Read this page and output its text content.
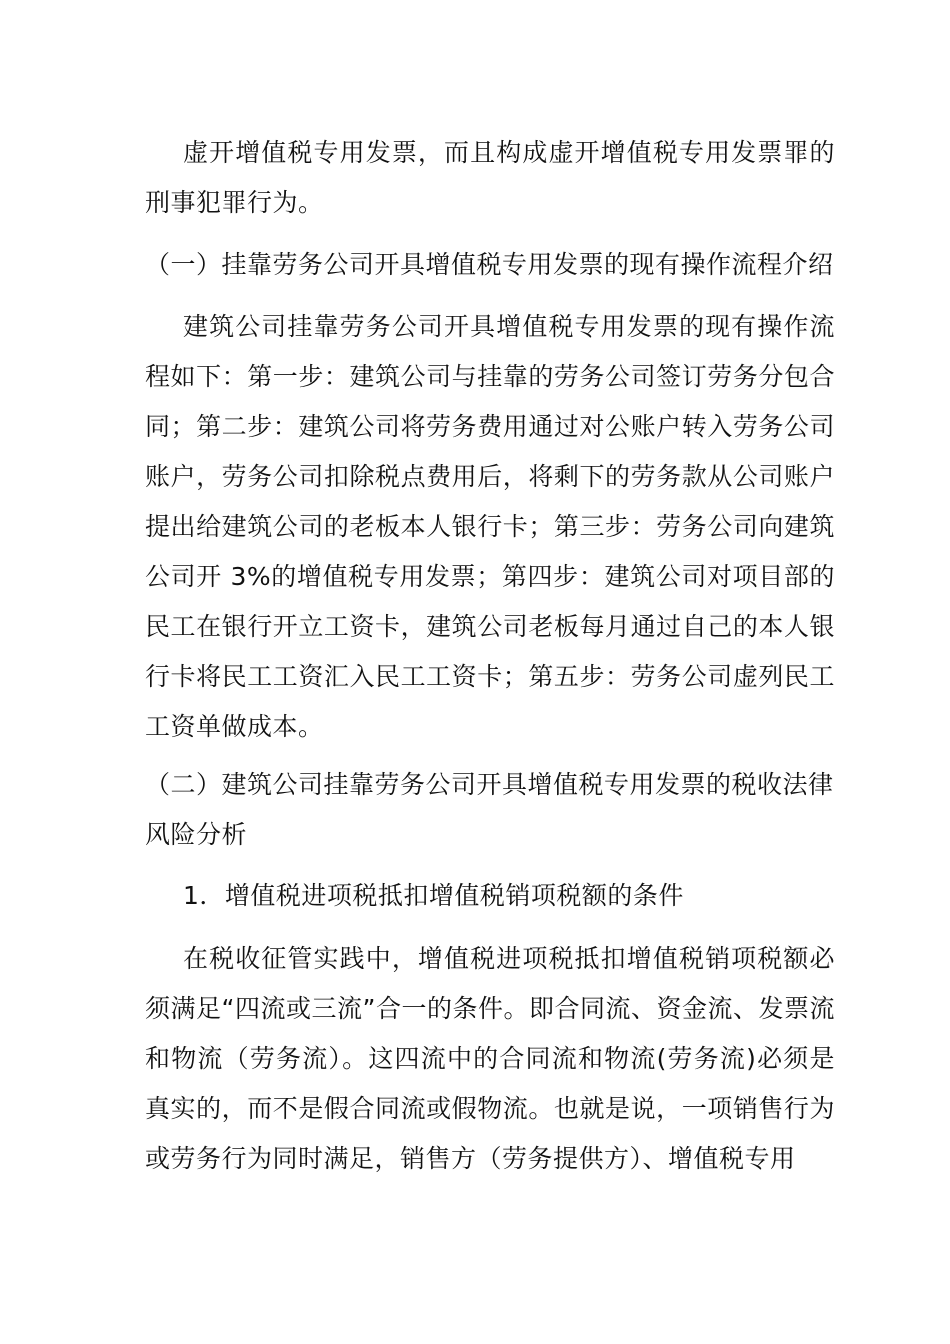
虚开增值税专用发票，而且构成虚开增值税专用发票罪的刑事犯罪行为。

（一）挂靠劳务公司开具增值税专用发票的现有操作流程介绍

建筑公司挂靠劳务公司开具增值税专用发票的现有操作流程如下：第一步：建筑公司与挂靠的劳务公司签订劳务分包合同；第二步：建筑公司将劳务费用通过对公账户转入劳务公司账户，劳务公司扣除税点费用后，将剩下的劳务款从公司账户提出给建筑公司的老板本人银行卡；第三步：劳务公司向建筑公司开 3%的增值税专用发票；第四步：建筑公司对项目部的民工在银行开立工资卡，建筑公司老板每月通过自己的本人银行卡将民工工资汇入民工工资卡；第五步：劳务公司虚列民工工资单做成本。

（二）建筑公司挂靠劳务公司开具增值税专用发票的税收法律风险分析

1．增值税进项税抵扣增值税销项税额的条件

在税收征管实践中，增值税进项税抵扣增值税销项税额必须满足“四流或三流”合一的条件。即合同流、资金流、发票流和物流（劳务流）。这四流中的合同流和物流(劳务流)必须是真实的，而不是假合同流或假物流。也就是说，一项销售行为或劳务行为同时满足，销售方（劳务提供方）、增值税专用
